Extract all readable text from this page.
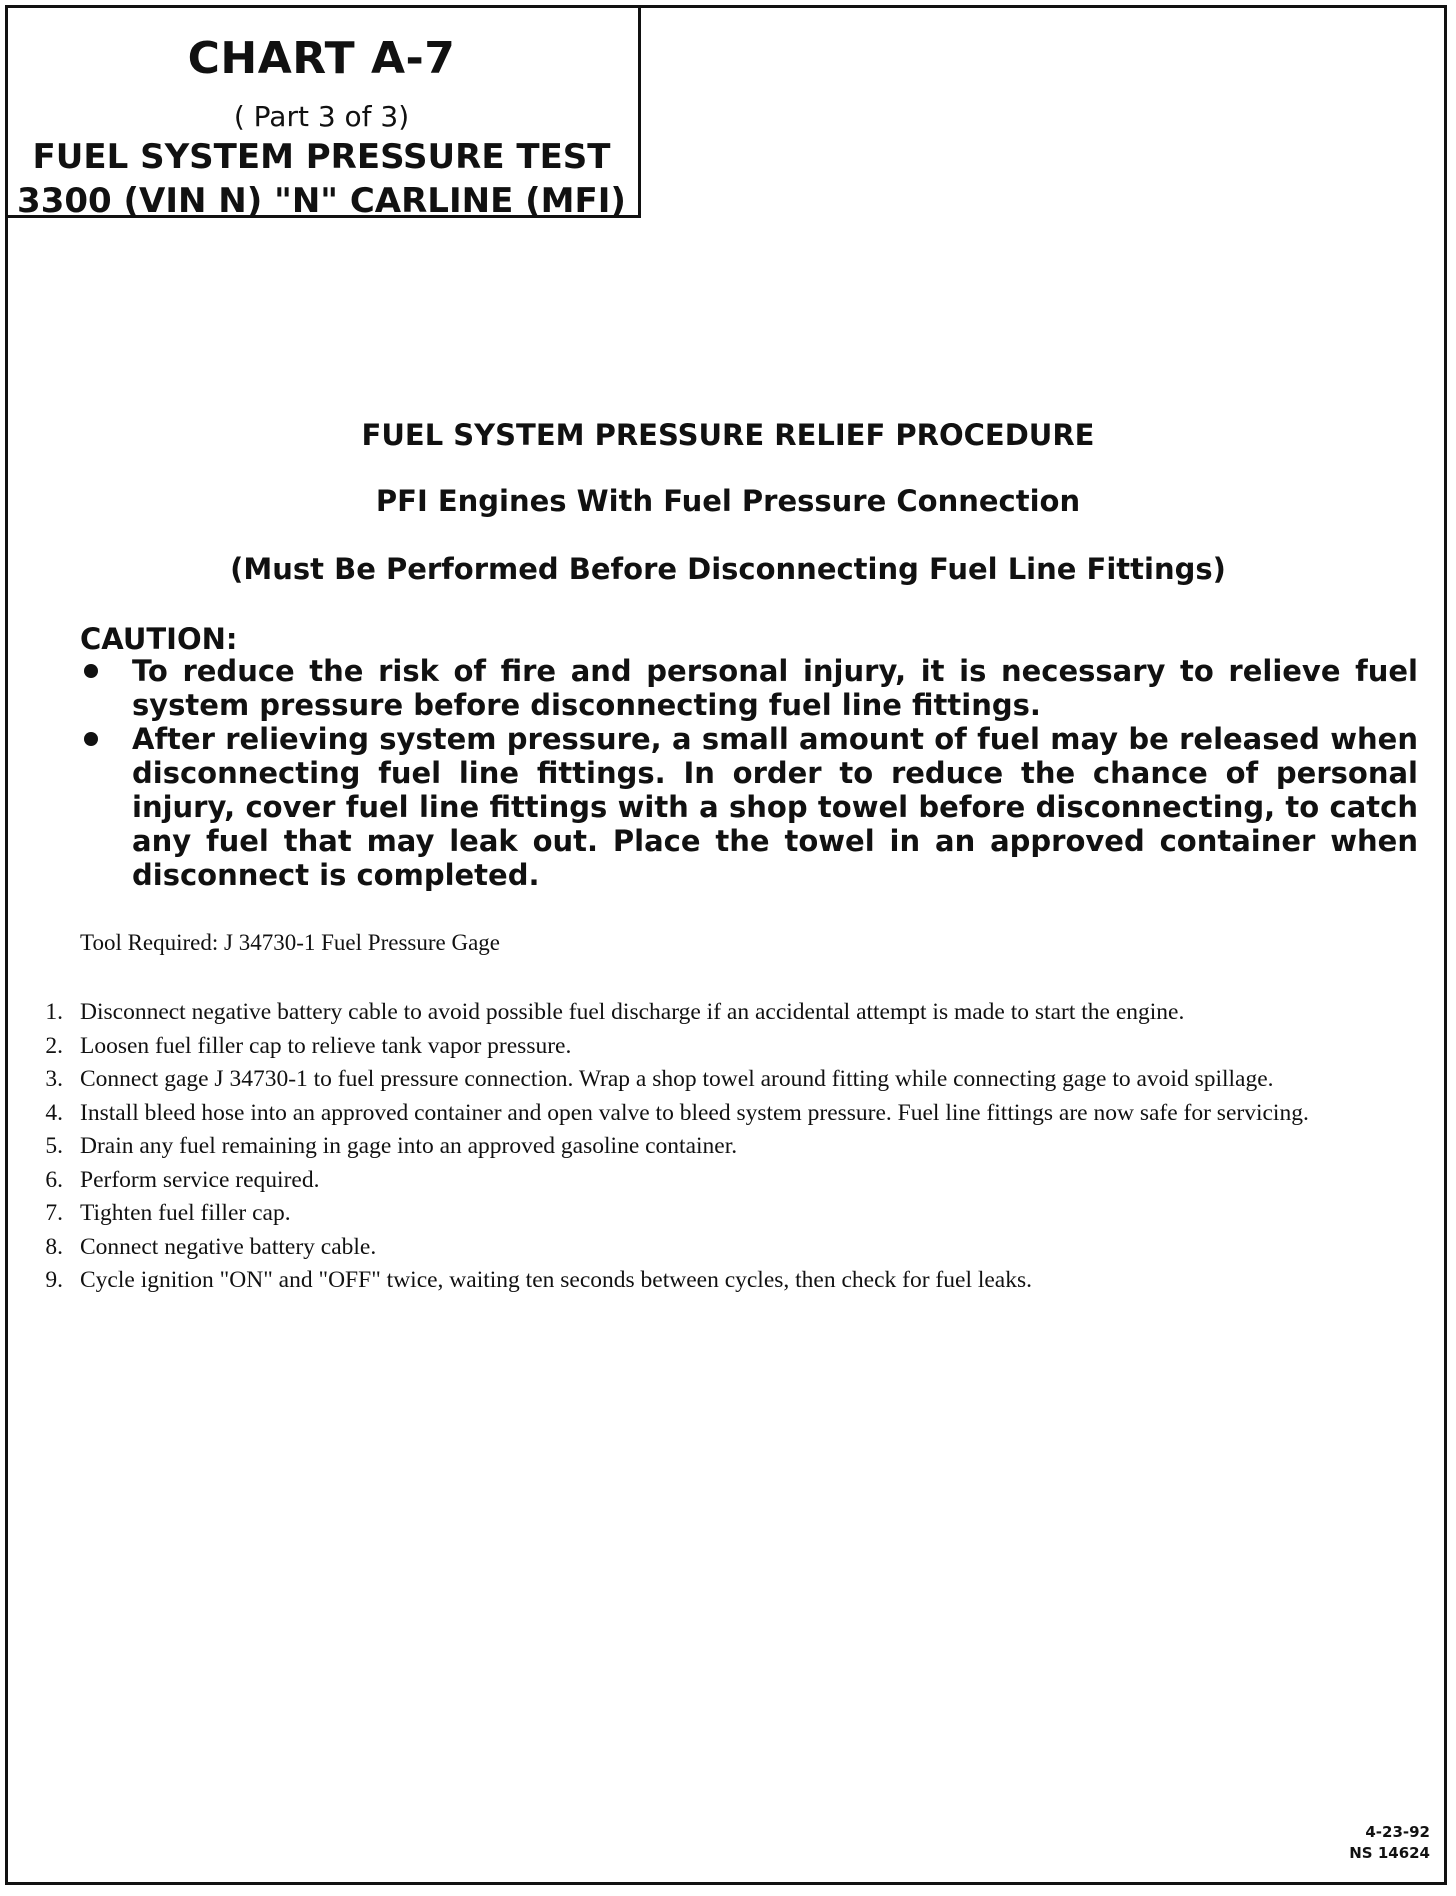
CHART A-7
( Part 3 of 3)
FUEL SYSTEM PRESSURE TEST
3300 (VIN N) "N" CARLINE (MFI)
FUEL SYSTEM PRESSURE RELIEF PROCEDURE
PFI Engines With Fuel Pressure Connection
(Must Be Performed Before Disconnecting Fuel Line Fittings)
CAUTION:
To reduce the risk of fire and personal injury, it is necessary to relieve fuel system pressure before disconnecting fuel line fittings.
After relieving system pressure, a small amount of fuel may be released when disconnecting fuel line fittings. In order to reduce the chance of personal injury, cover fuel line fittings with a shop towel before disconnecting, to catch any fuel that may leak out. Place the towel in an approved container when disconnect is completed.
Tool Required: J 34730-1 Fuel Pressure Gage
1. Disconnect negative battery cable to avoid possible fuel discharge if an accidental attempt is made to start the engine.
2. Loosen fuel filler cap to relieve tank vapor pressure.
3. Connect gage J 34730-1 to fuel pressure connection. Wrap a shop towel around fitting while connecting gage to avoid spillage.
4. Install bleed hose into an approved container and open valve to bleed system pressure. Fuel line fittings are now safe for servicing.
5. Drain any fuel remaining in gage into an approved gasoline container.
6. Perform service required.
7. Tighten fuel filler cap.
8. Connect negative battery cable.
9. Cycle ignition "ON" and "OFF" twice, waiting ten seconds between cycles, then check for fuel leaks.
4-23-92
NS 14624
